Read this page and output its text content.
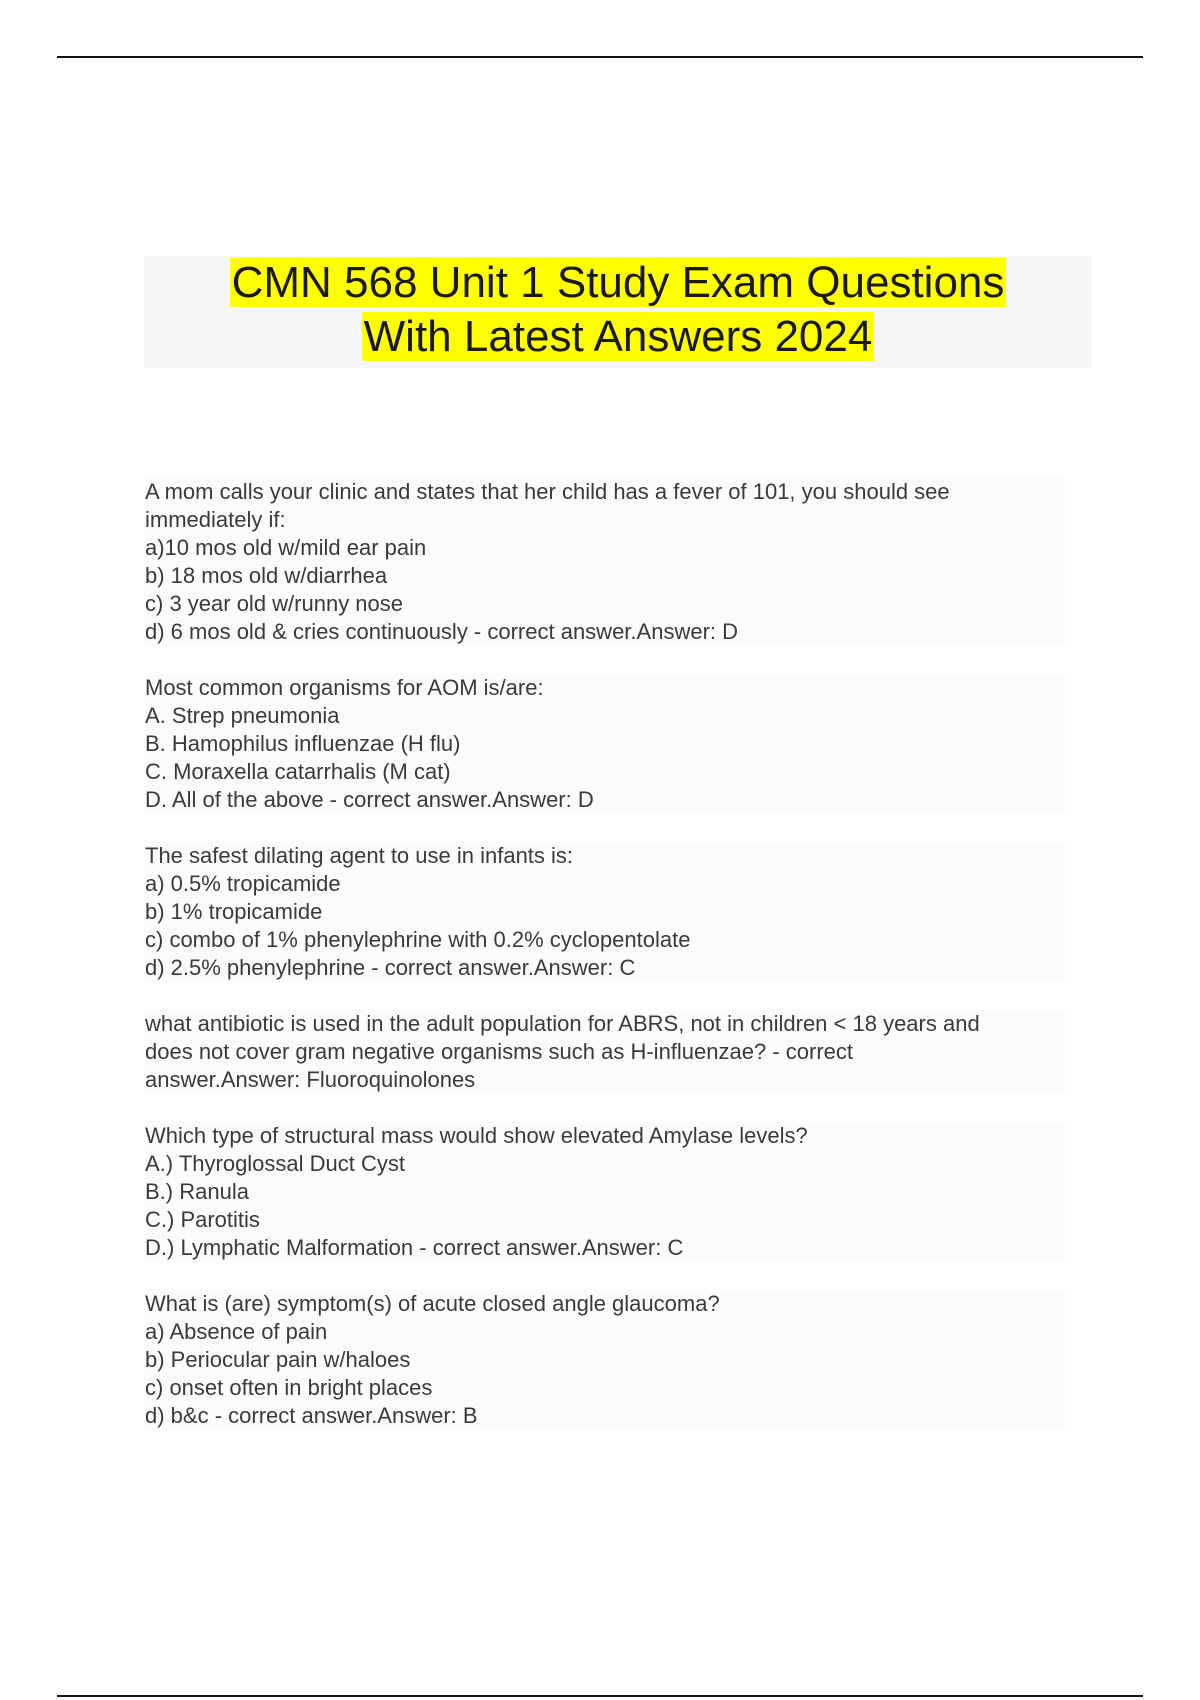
CMN 568 Unit 1 Study Exam Questions
With Latest Answers 2024
A mom calls your clinic and states that her child has a fever of 101, you should see
immediately if:
a)10 mos old w/mild ear pain
b) 18 mos old w/diarrhea
c) 3 year old w/runny nose
d) 6 mos old & cries continuously - correct answer.Answer: D
Most common organisms for AOM is/are:
A. Strep pneumonia
B. Hamophilus influenzae (H flu)
C. Moraxella catarrhalis (M cat)
D. All of the above - correct answer.Answer: D
The safest dilating agent to use in infants is:
a) 0.5% tropicamide
b) 1% tropicamide
c) combo of 1% phenylephrine with 0.2% cyclopentolate
d) 2.5% phenylephrine - correct answer.Answer: C
what antibiotic is used in the adult population for ABRS, not in children < 18 years and
does not cover gram negative organisms such as H-influenzae? - correct
answer.Answer: Fluoroquinolones
Which type of structural mass would show elevated Amylase levels?
A.) Thyroglossal Duct Cyst
B.) Ranula
C.) Parotitis
D.) Lymphatic Malformation - correct answer.Answer: C
What is (are) symptom(s) of acute closed angle glaucoma?
a) Absence of pain
b) Periocular pain w/haloes
c) onset often in bright places
d) b&c - correct answer.Answer: B
